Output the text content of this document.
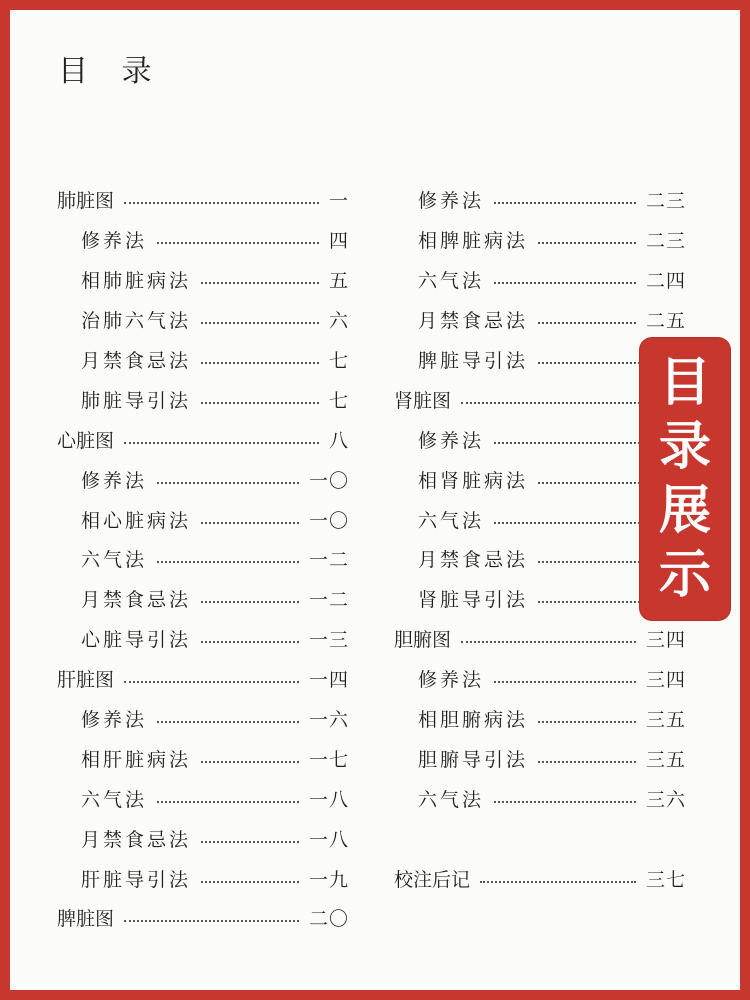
目 录
肺脏图	一
修养法	四
相肺脏病法	五
治肺六气法	六
月禁食忌法	七
肺脏导引法	七
心脏图	八
修养法	一〇
相心脏病法	一〇
六气法	一二
月禁食忌法	一二
心脏导引法	一三
肝脏图	一四
修养法	一六
相肝脏病法	一七
六气法	一八
月禁食忌法	一八
肝脏导引法	一九
脾脏图	二〇
修养法	二三
相脾脏病法	二三
六气法	二四
月禁食忌法	二五
脾脏导引法
肾脏图
修养法
相肾脏病法
六气法
月禁食忌法
肾脏导引法
胆腑图	三四
修养法	三四
相胆腑病法	三五
胆腑导引法	三五
六气法	三六
校注后记	三七
目
录
展
示
